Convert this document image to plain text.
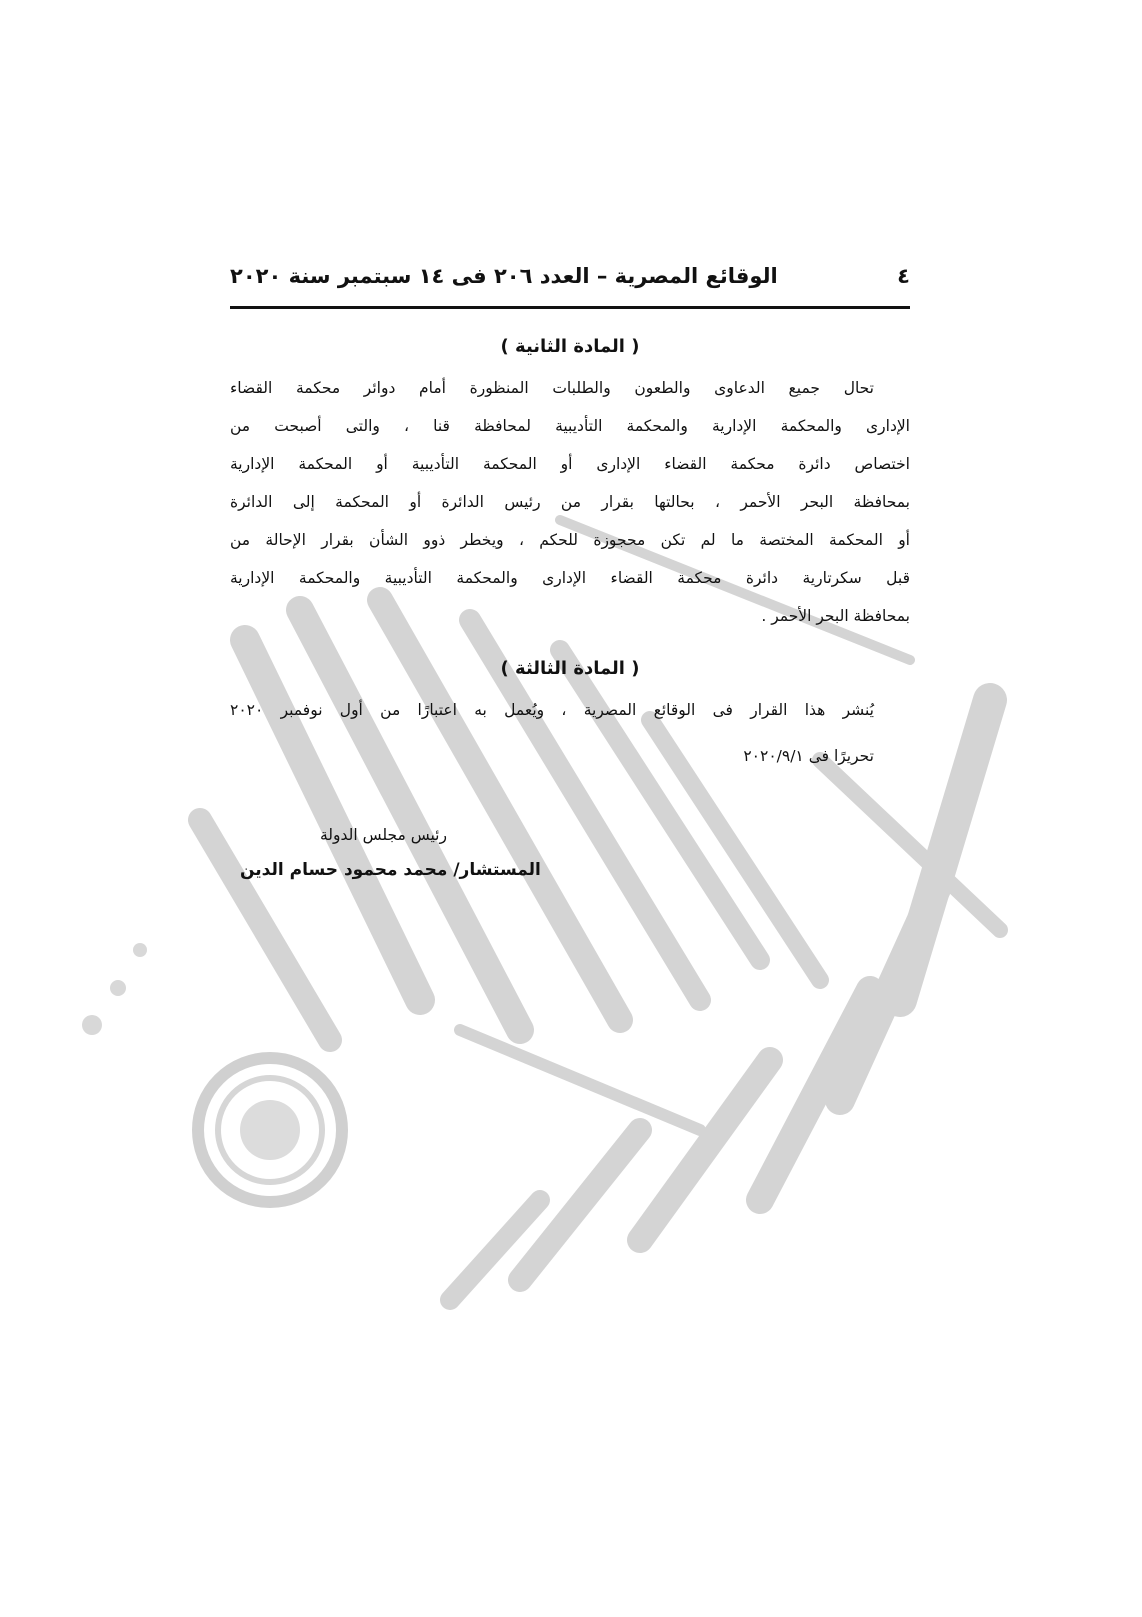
٤
الوقائع المصرية – العدد ٢٠٦ فى ١٤ سبتمبر سنة ٢٠٢٠
( المادة الثانية )
تحال جميع الدعاوى والطعون والطلبات المنظورة أمام دوائر محكمة القضاء
الإدارى والمحكمة الإدارية والمحكمة التأديبية لمحافظة قنا ، والتى أصبحت من
اختصاص دائرة محكمة القضاء الإدارى أو المحكمة التأديبية أو المحكمة الإدارية
بمحافظة البحر الأحمر ، بحالتها بقرار من رئيس الدائرة أو المحكمة إلى الدائرة
أو المحكمة المختصة ما لم تكن محجوزة للحكم ، ويخطر ذوو الشأن بقرار الإحالة من
قبل سكرتارية دائرة محكمة القضاء الإدارى والمحكمة التأديبية والمحكمة الإدارية
بمحافظة البحر الأحمر .
( المادة الثالثة )
يُنشر هذا القرار فى الوقائع المصرية ، ويُعمل به اعتبارًا من أول نوفمبر ٢٠٢٠
تحريرًا فى ٢٠٢٠/٩/١
رئيس مجلس الدولة
المستشار/ محمد محمود حسام الدين
